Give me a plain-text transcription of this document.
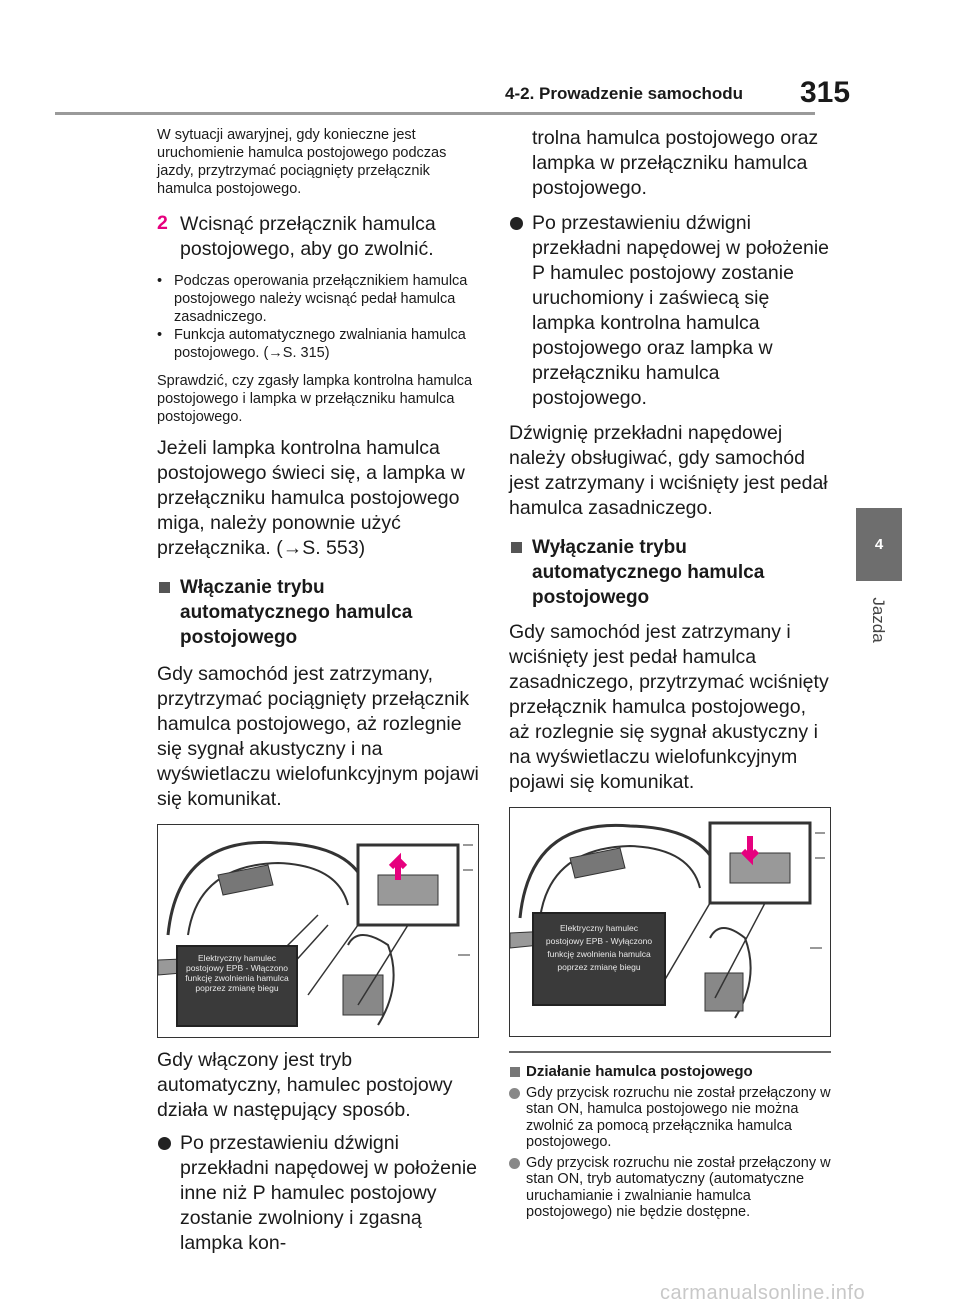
4-2. Prowadzenie samochodu 315
4
Jazda

W sytuacji awaryjnej, gdy konieczne jest uruchomienie hamulca postojowego podczas jazdy, przytrzymać pociągnięty przełącznik hamulca postojowego.

2 Wcisnąć przełącznik hamulca postojowego, aby go zwolnić.

• Podczas operowania przełącznikiem hamulca postojowego należy wcisnąć pedał hamulca zasadniczego.
• Funkcja automatycznego zwalniania hamulca postojowego. (→S. 315)

Sprawdzić, czy zgasły lampka kontrolna hamulca postojowego i lampka w przełączniku hamulca postojowego.

Jeżeli lampka kontrolna hamulca postojowego świeci się, a lampka w przełączniku hamulca postojowego miga, należy ponownie użyć przełącznika. (→S. 553)

Włączanie trybu automatycznego hamulca postojowego

Gdy samochód jest zatrzymany, przytrzymać pociągnięty przełącznik hamulca postojowego, aż rozlegnie się sygnał akustyczny i na wyświetlaczu wielofunkcyjnym pojawi się komunikat.

Elektryczny hamulec
postojowy EPB - Włączono
funkcję zwolnienia hamulca
poprzez zmianę biegu

Gdy włączony jest tryb automatyczny, hamulec postojowy działa w następujący sposób.

Po przestawieniu dźwigni przekładni napędowej w położenie inne niż P hamulec postojowy zostanie zwolniony i zgasną lampka kon-

trolna hamulca postojowego oraz lampka w przełączniku hamulca postojowego.

Po przestawieniu dźwigni przekładni napędowej w położenie P hamulec postojowy zostanie uruchomiony i zaświecą się lampka kontrolna hamulca postojowego oraz lampka w przełączniku hamulca postojowego.

Dźwignię przekładni napędowej należy obsługiwać, gdy samochód jest zatrzymany i wciśnięty jest pedał hamulca zasadniczego.

Wyłączanie trybu automatycznego hamulca postojowego

Gdy samochód jest zatrzymany i wciśnięty jest pedał hamulca zasadniczego, przytrzymać wciśnięty przełącznik hamulca postojowego, aż rozlegnie się sygnał akustyczny i na wyświetlaczu wielofunkcyjnym pojawi się komunikat.

Elektryczny hamulec
postojowy EPB - Wyłączono
funkcję zwolnienia hamulca
poprzez zmianę biegu
Działanie hamulca postojowego
Gdy przycisk rozruchu nie został przełączony w stan ON, hamulca postojowego nie można zwolnić za pomocą przełącznika hamulca postojowego.
Gdy przycisk rozruchu nie został przełączony w stan ON, tryb automatyczny (automatyczne uruchamianie i zwalnianie hamulca postojowego) nie będzie dostępne.
carmanualsonline.info
